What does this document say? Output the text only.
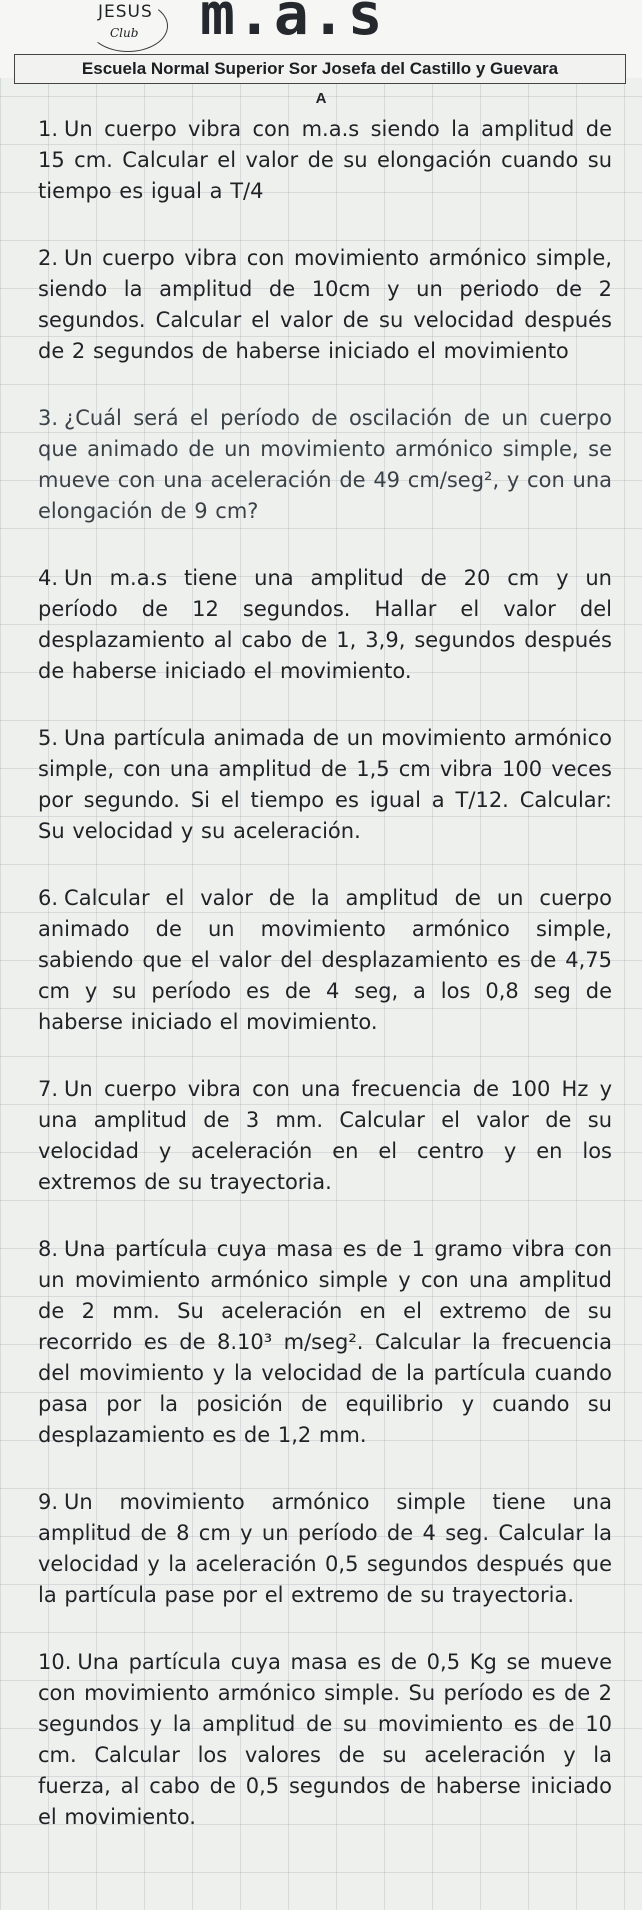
JESUS
Club m.a.s
Escuela Normal Superior Sor Josefa del Castillo y Guevara
A

1. Un cuerpo vibra con m.a.s siendo la amplitud de 15 cm. Calcular el valor de su elongación cuando su tiempo es igual a T/4

2. Un cuerpo vibra con movimiento armónico simple, siendo la amplitud de 10cm y un periodo de 2 segundos. Calcular el valor de su velocidad después de 2 segundos de haberse iniciado el movimiento

3. ¿Cuál será el período de oscilación de un cuerpo que animado de un movimiento armónico simple, se mueve con una aceleración de 49 cm/seg², y con una elongación de 9 cm?

4. Un m.a.s tiene una amplitud de 20 cm y un período de 12 segundos. Hallar el valor del desplazamiento al cabo de 1, 3,9, segundos después de haberse iniciado el movimiento.

5. Una partícula animada de un movimiento armónico simple, con una amplitud de 1,5 cm vibra 100 veces por segundo. Si el tiempo es igual a T/12. Calcular: Su velocidad y su aceleración.

6. Calcular el valor de la amplitud de un cuerpo animado de un movimiento armónico simple, sabiendo que el valor del desplazamiento es de 4,75 cm y su período es de 4 seg, a los 0,8 seg de haberse iniciado el movimiento.

7. Un cuerpo vibra con una frecuencia de 100 Hz y una amplitud de 3 mm. Calcular el valor de su velocidad y aceleración en el centro y en los extremos de su trayectoria.

8. Una partícula cuya masa es de 1 gramo vibra con un movimiento armónico simple y con una amplitud de 2 mm. Su aceleración en el extremo de su recorrido es de 8.10³ m/seg². Calcular la frecuencia del movimiento y la velocidad de la partícula cuando pasa por la posición de equilibrio y cuando su desplazamiento es de 1,2 mm.

9. Un movimiento armónico simple tiene una amplitud de 8 cm y un período de 4 seg. Calcular la velocidad y la aceleración 0,5 segundos después que la partícula pase por el extremo de su trayectoria.

10. Una partícula cuya masa es de 0,5 Kg se mueve con movimiento armónico simple. Su período es de 2 segundos y la amplitud de su movimiento es de 10 cm. Calcular los valores de su aceleración y la fuerza, al cabo de 0,5 segundos de haberse iniciado el movimiento.
